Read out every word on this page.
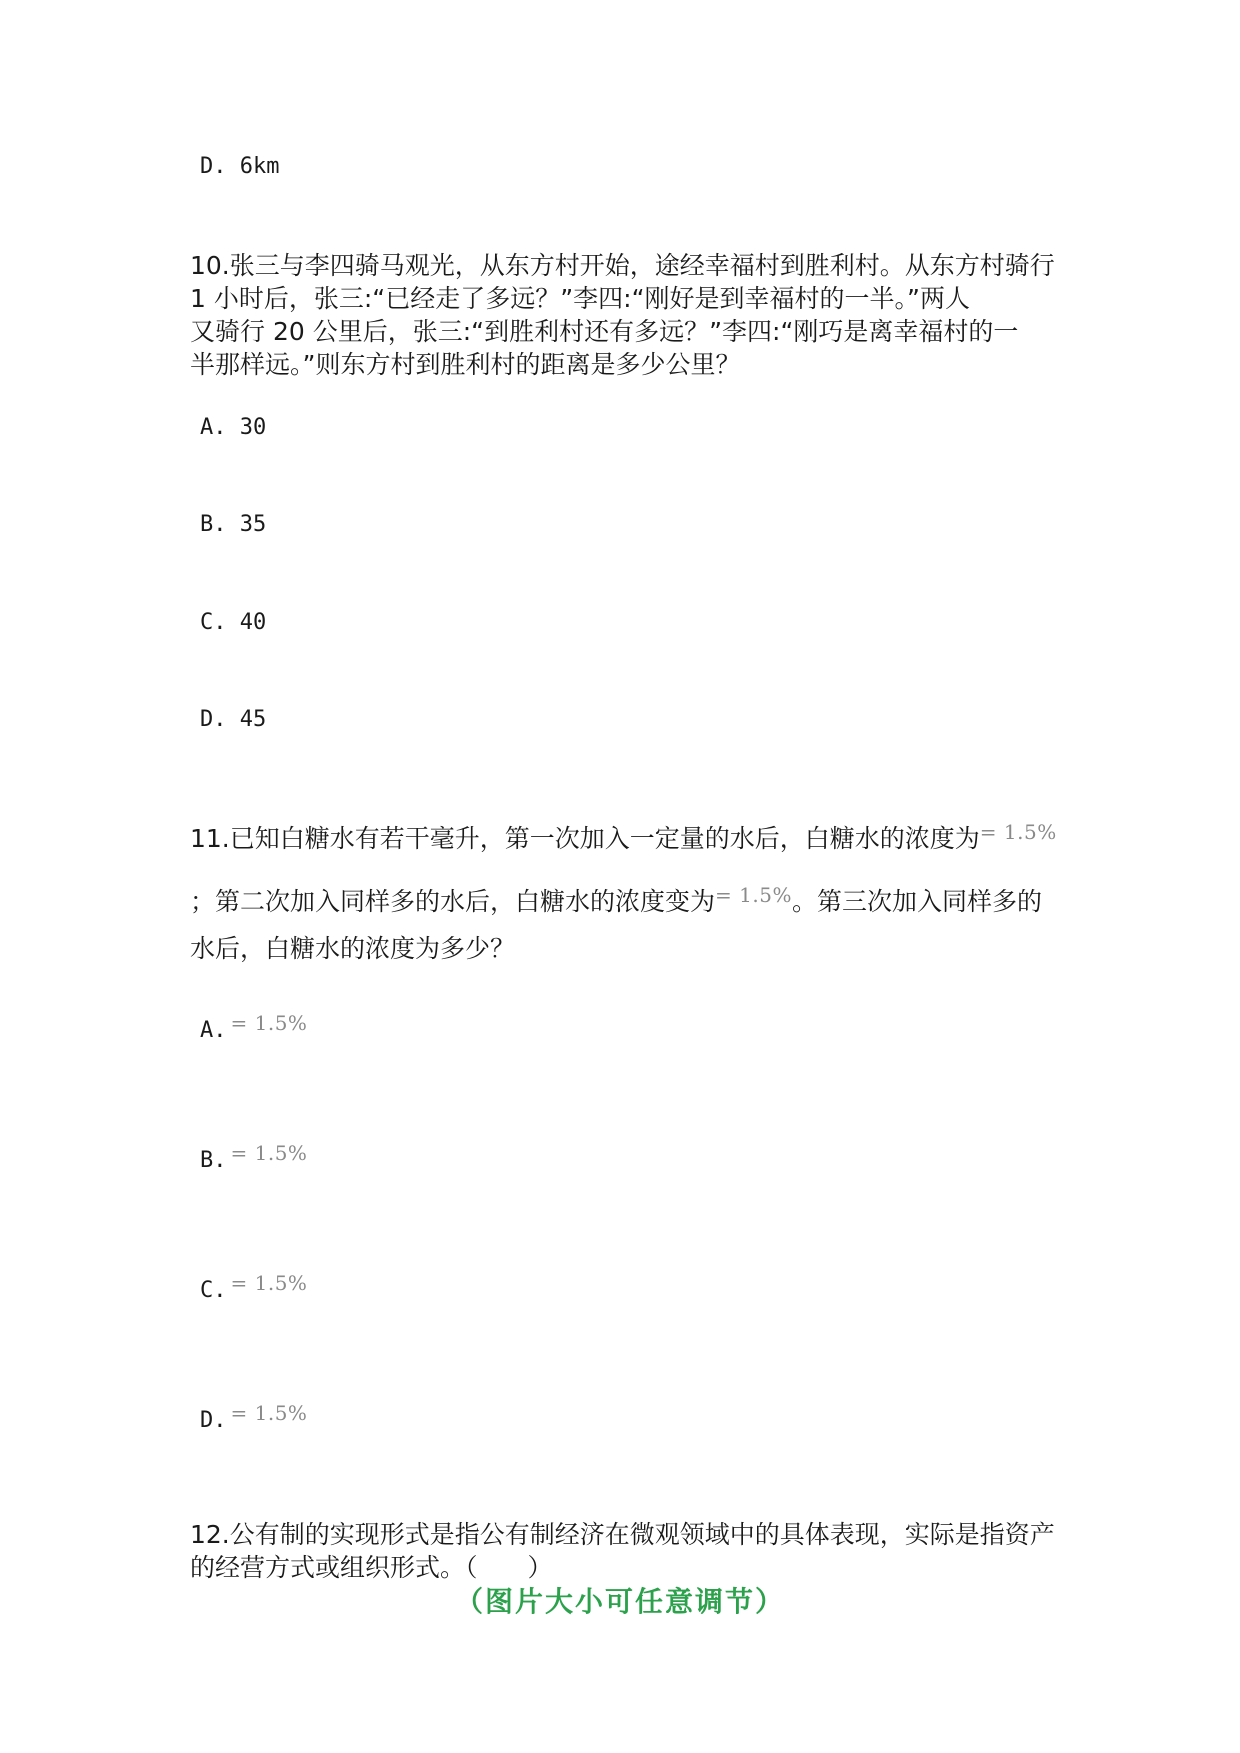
D. 6km

10.张三与李四骑马观光，从东方村开始，途经幸福村到胜利村。从东方村骑行

1 小时后，张三:“已经走了多远？”李四:“刚好是到幸福村的一半。”两人

又骑行 20 公里后，张三:“到胜利村还有多远？”李四:“刚巧是离幸福村的一

半那样远。”则东方村到胜利村的距离是多少公里？

A. 30
B. 35
C. 40
D. 45

11.已知白糖水有若干毫升，第一次加入一定量的水后，白糖水的浓度为$^{= 1.5\%}$

；第二次加入同样多的水后，白糖水的浓度变为$^{= 1.5\%}$。第三次加入同样多的

水后，白糖水的浓度为多少？

A. = 1.5%
B. = 1.5%
C. = 1.5%
D. = 1.5%

12.公有制的实现形式是指公有制经济在微观领域中的具体表现，实际是指资产

的经营方式或组织形式。（　　）

（图片大小可任意调节）
